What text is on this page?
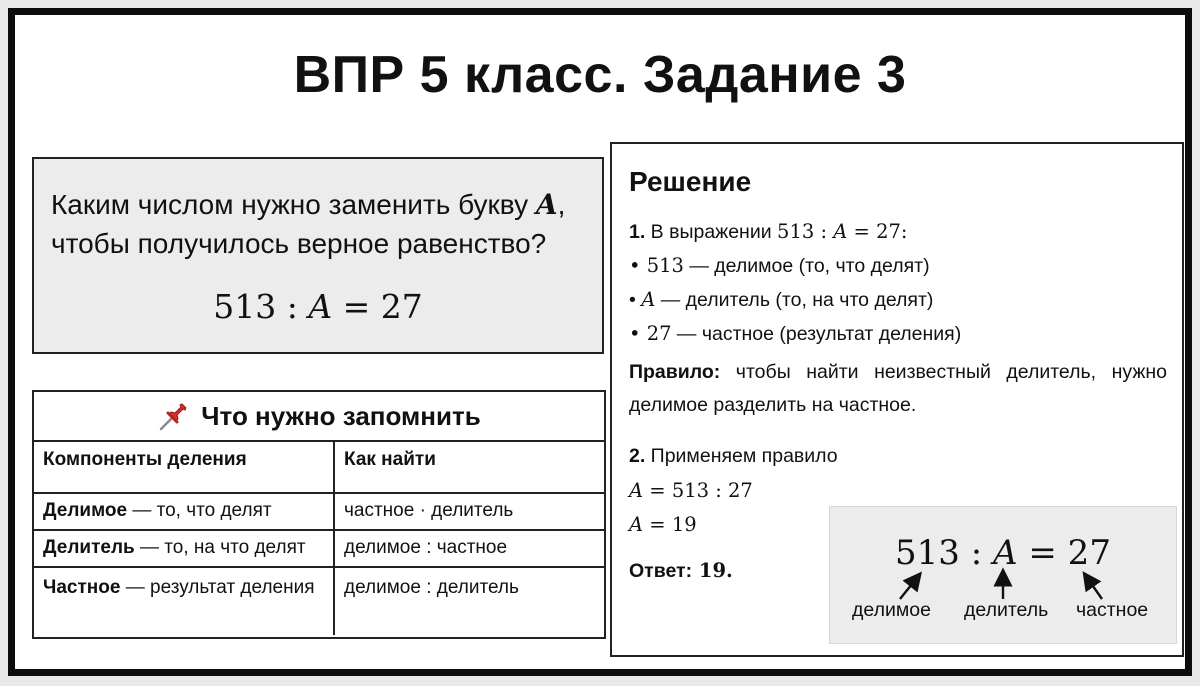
ВПР 5 класс. Задание 3
Каким числом нужно заменить букву A,
чтобы получилось верное равенство?
513 : A = 27
Что нужно запомнить
Компоненты деления	Как найти
Делимое — то, что делят	частное · делитель
Делитель — то, на что делят	делимое : частное
Частное — результат деления	делимое : делитель
Решение
1. В выражении 513 : A = 27:
• 513 — делимое (то, что делят)
• A — делитель (то, на что делят)
• 27 — частное (результат деления)
Правило: чтобы найти неизвестный делитель, нужно делимое разделить на частное.
2. Применяем правило
A = 513 : 27
A = 19
Ответ: 19.	513 : A = 27
делимое делитель частное
